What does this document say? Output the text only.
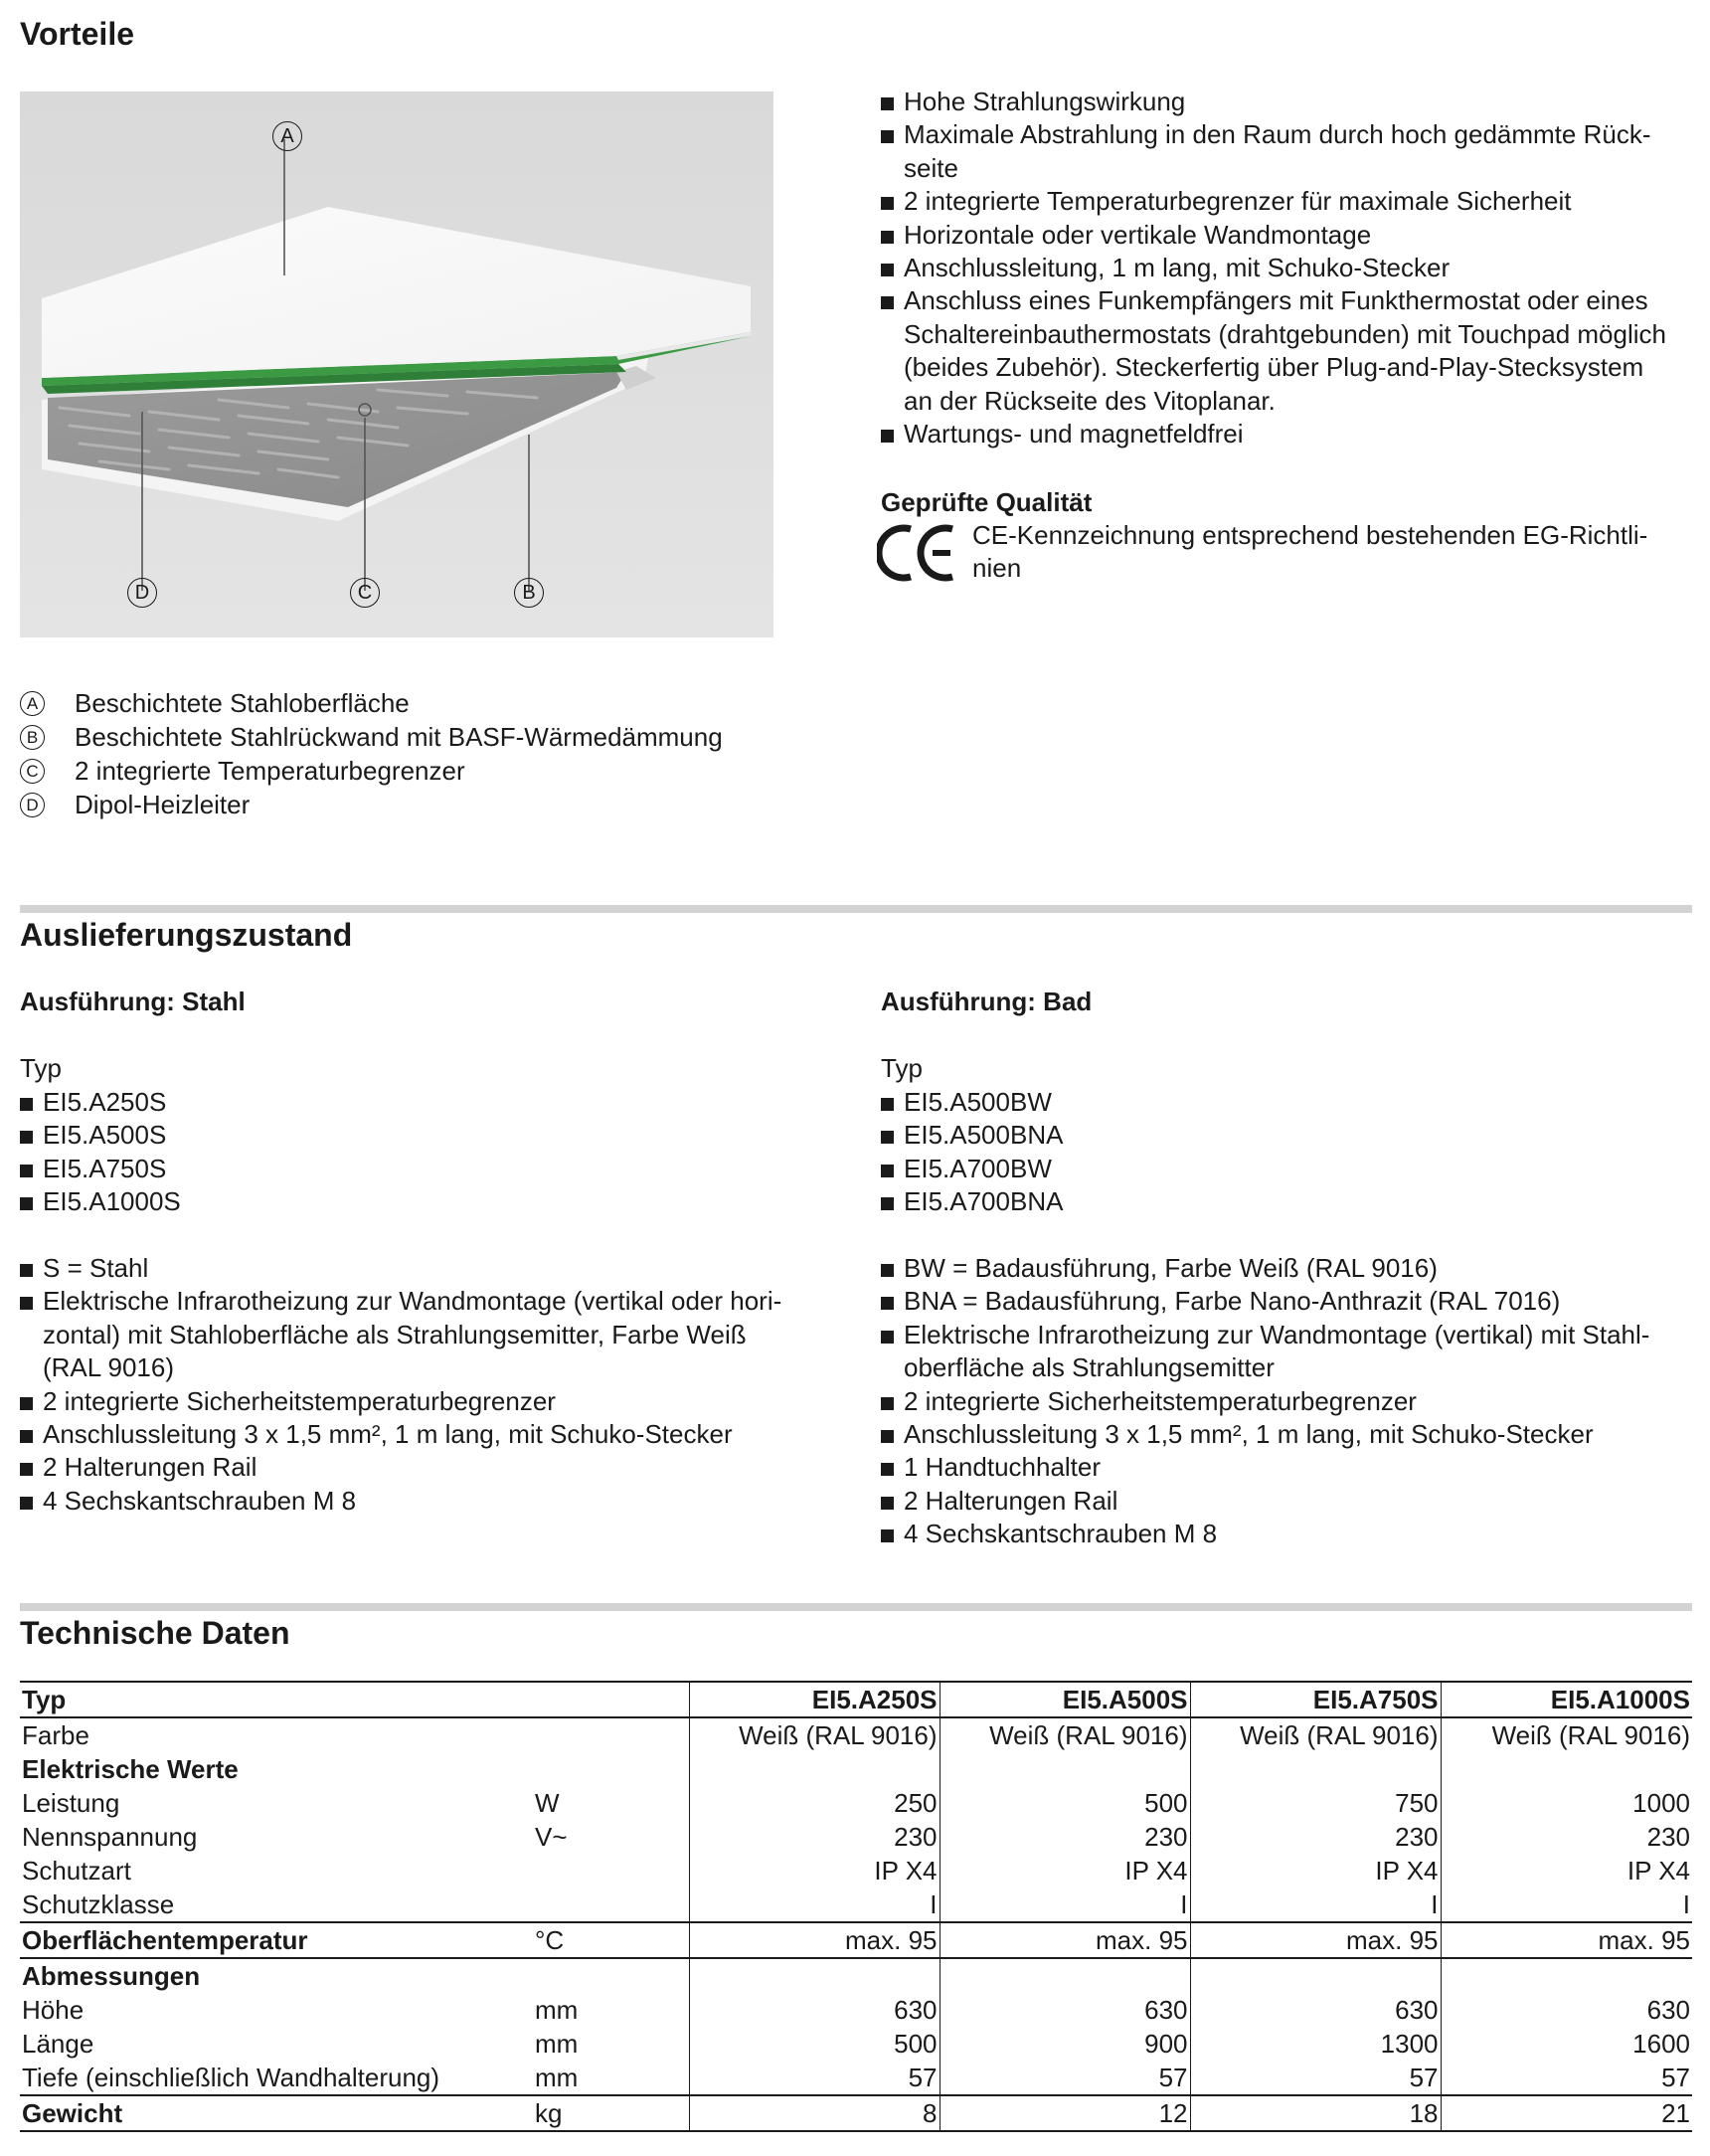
Vorteile
A
D	C	B
Hohe Strahlungswirkung
Maximale Abstrahlung in den Raum durch hoch gedämmte Rück-
seite
2 integrierte Temperaturbegrenzer für maximale Sicherheit
Horizontale oder vertikale Wandmontage
Anschlussleitung, 1 m lang, mit Schuko-Stecker
Anschluss eines Funkempfängers mit Funkthermostat oder eines
Schaltereinbauthermostats (drahtgebunden) mit Touchpad möglich
(beides Zubehör). Steckerfertig über Plug-and-Play-Stecksystem
an der Rückseite des Vitoplanar.
Wartungs- und magnetfeldfrei

Geprüfte Qualität

CE-Kennzeichnung entsprechend bestehenden EG-Richtli-
nien

A Beschichtete Stahloberfläche
B Beschichtete Stahlrückwand mit BASF-Wärmedämmung
C 2 integrierte Temperaturbegrenzer
D Dipol-Heizleiter
Auslieferungszustand

Ausführung: Stahl

Typ

EI5.A250S
EI5.A500S
EI5.A750S
EI5.A1000S
S = Stahl
Elektrische Infrarotheizung zur Wandmontage (vertikal oder hori-
zontal) mit Stahloberfläche als Strahlungsemitter, Farbe Weiß
(RAL 9016)
2 integrierte Sicherheitstemperaturbegrenzer
Anschlussleitung 3 x 1,5 mm², 1 m lang, mit Schuko-Stecker
2 Halterungen Rail
4 Sechskantschrauben M 8

Ausführung: Bad

Typ

EI5.A500BW
EI5.A500BNA
EI5.A700BW
EI5.A700BNA
BW = Badausführung, Farbe Weiß (RAL 9016)
BNA = Badausführung, Farbe Nano-Anthrazit (RAL 7016)
Elektrische Infrarotheizung zur Wandmontage (vertikal) mit Stahl-
oberfläche als Strahlungsemitter
2 integrierte Sicherheitstemperaturbegrenzer
Anschlussleitung 3 x 1,5 mm², 1 m lang, mit Schuko-Stecker
1 Handtuchhalter
2 Halterungen Rail
4 Sechskantschrauben M 8
Technische Daten
Typ		EI5.A250S	EI5.A500S	EI5.A750S	EI5.A1000S
Farbe		Weiß (RAL 9016)	Weiß (RAL 9016)	Weiß (RAL 9016)	Weiß (RAL 9016)
Elektrische Werte					
Leistung	W	250	500	750	1000
Nennspannung	V~	230	230	230	230
Schutzart		IP X4	IP X4	IP X4	IP X4
Schutzklasse		I	I	I	I
Oberflächentemperatur	°C	max. 95	max. 95	max. 95	max. 95
Abmessungen					
Höhe	mm	630	630	630	630
Länge	mm	500	900	1300	1600
Tiefe (einschließlich Wandhalterung)	mm	57	57	57	57
Gewicht	kg	8	12	18	21
